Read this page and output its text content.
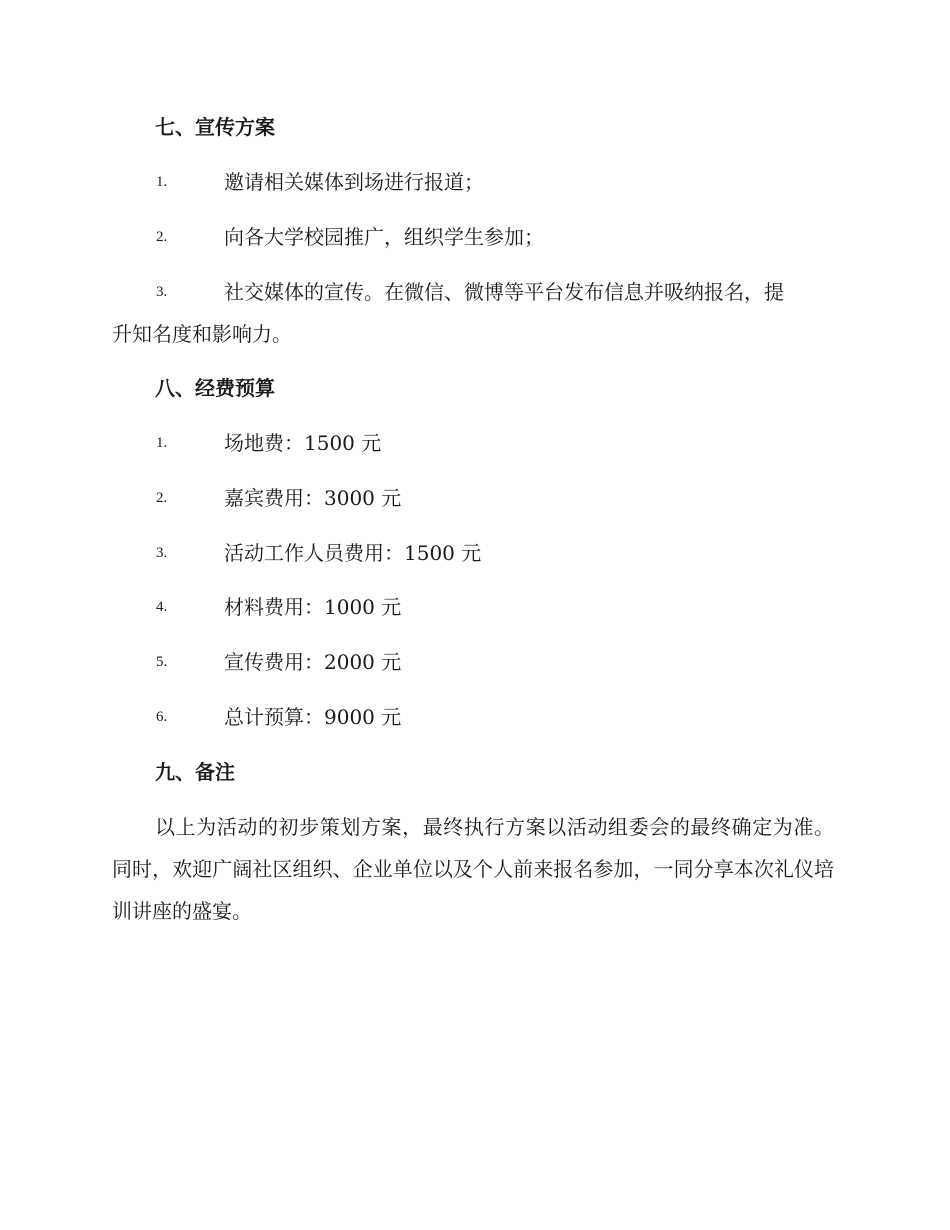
七、宣传方案
1.	邀请相关媒体到场进行报道；
2.	向各大学校园推广，组织学生参加；
3.	社交媒体的宣传。在微信、微博等平台发布信息并吸纳报名，提
升知名度和影响力。
八、经费预算
1.	场地费：1500 元
2.	嘉宾费用：3000 元
3.	活动工作人员费用：1500 元
4.	材料费用：1000 元
5.	宣传费用：2000 元
6.	总计预算：9000 元
九、备注
以上为活动的初步策划方案，最终执行方案以活动组委会的最终确定为准。同时，欢迎广阔社区组织、企业单位以及个人前来报名参加，一同分享本次礼仪培训讲座的盛宴。
